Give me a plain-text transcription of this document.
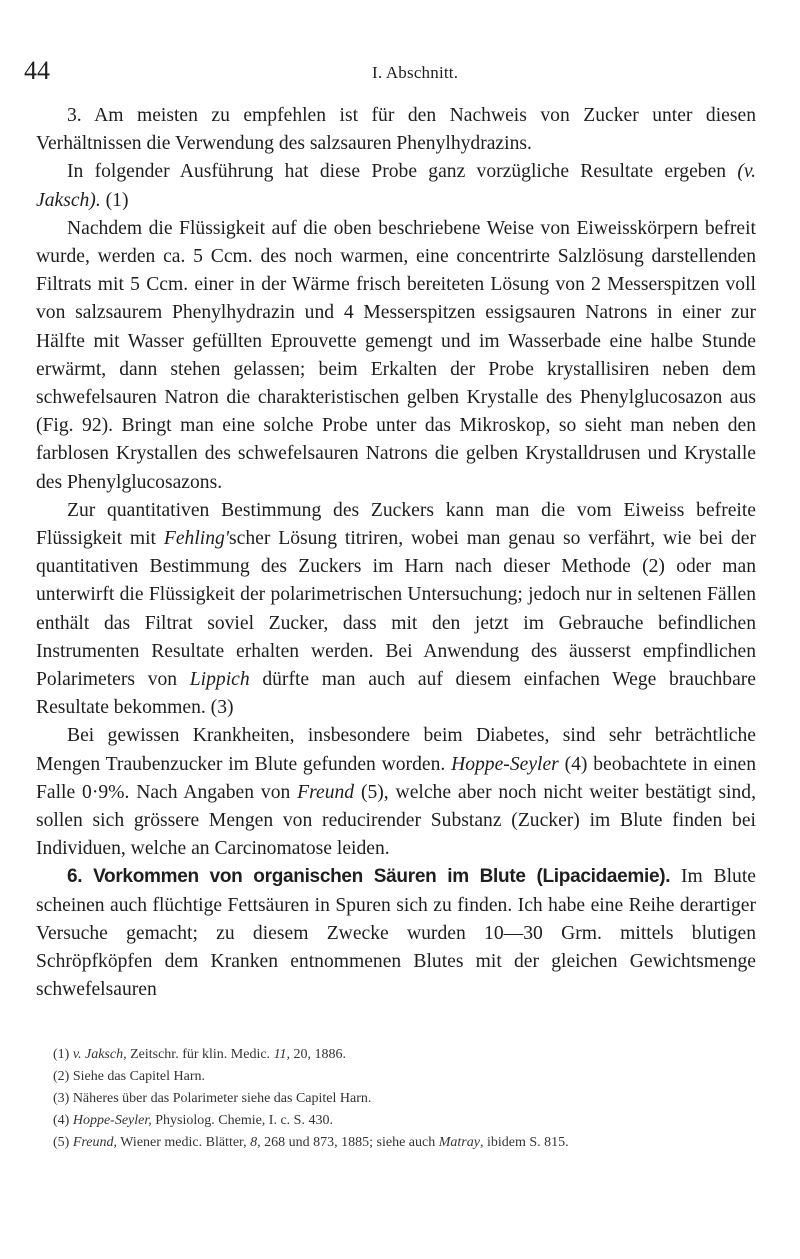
44	I. Abschnitt.

3. Am meisten zu empfehlen ist für den Nachweis von Zucker unter diesen Verhältnissen die Verwendung des salzsauren Phenylhydrazins.

In folgender Ausführung hat diese Probe ganz vorzügliche Resultate ergeben (v. Jaksch). (1)

Nachdem die Flüssigkeit auf die oben beschriebene Weise von Eiweisskörpern befreit wurde, werden ca. 5 Ccm. des noch warmen, eine concentrirte Salzlösung darstellenden Filtrats mit 5 Ccm. einer in der Wärme frisch bereiteten Lösung von 2 Messerspitzen voll von salzsaurem Phenylhydrazin und 4 Messerspitzen essigsauren Natrons in einer zur Hälfte mit Wasser gefüllten Eprouvette gemengt und im Wasserbade eine halbe Stunde erwärmt, dann stehen gelassen; beim Erkalten der Probe krystallisiren neben dem schwefelsauren Natron die charakteristischen gelben Krystalle des Phenylglucosazon aus (Fig. 92). Bringt man eine solche Probe unter das Mikroskop, so sieht man neben den farblosen Krystallen des schwefelsauren Natrons die gelben Krystalldrusen und Krystalle des Phenylglucosazons.

Zur quantitativen Bestimmung des Zuckers kann man die vom Eiweiss befreite Flüssigkeit mit Fehling'scher Lösung titriren, wobei man genau so verfährt, wie bei der quantitativen Bestimmung des Zuckers im Harn nach dieser Methode (2) oder man unterwirft die Flüssigkeit der polarimetrischen Untersuchung; jedoch nur in seltenen Fällen enthält das Filtrat soviel Zucker, dass mit den jetzt im Gebrauche befindlichen Instrumenten Resultate erhalten werden. Bei Anwendung des äusserst empfindlichen Polarimeters von Lippich dürfte man auch auf diesem einfachen Wege brauchbare Resultate bekommen. (3)

Bei gewissen Krankheiten, insbesondere beim Diabetes, sind sehr beträchtliche Mengen Traubenzucker im Blute gefunden worden. Hoppe-Seyler (4) beobachtete in einen Falle 0·9%. Nach Angaben von Freund (5), welche aber noch nicht weiter bestätigt sind, sollen sich grössere Mengen von reducirender Substanz (Zucker) im Blute finden bei Individuen, welche an Carcinomatose leiden.

6. Vorkommen von organischen Säuren im Blute (Lipacidaemie). Im Blute scheinen auch flüchtige Fettsäuren in Spuren sich zu finden. Ich habe eine Reihe derartiger Versuche gemacht; zu diesem Zwecke wurden 10—30 Grm. mittels blutigen Schröpfköpfen dem Kranken entnommenen Blutes mit der gleichen Gewichtsmenge schwefelsauren

(1) v. Jaksch, Zeitschr. für klin. Medic. 11, 20, 1886.

(2) Siehe das Capitel Harn.

(3) Näheres über das Polarimeter siehe das Capitel Harn.

(4) Hoppe-Seyler, Physiolog. Chemie, I. c. S. 430.

(5) Freund, Wiener medic. Blätter, 8, 268 und 873, 1885; siehe auch Matray, ibidem S. 815.
